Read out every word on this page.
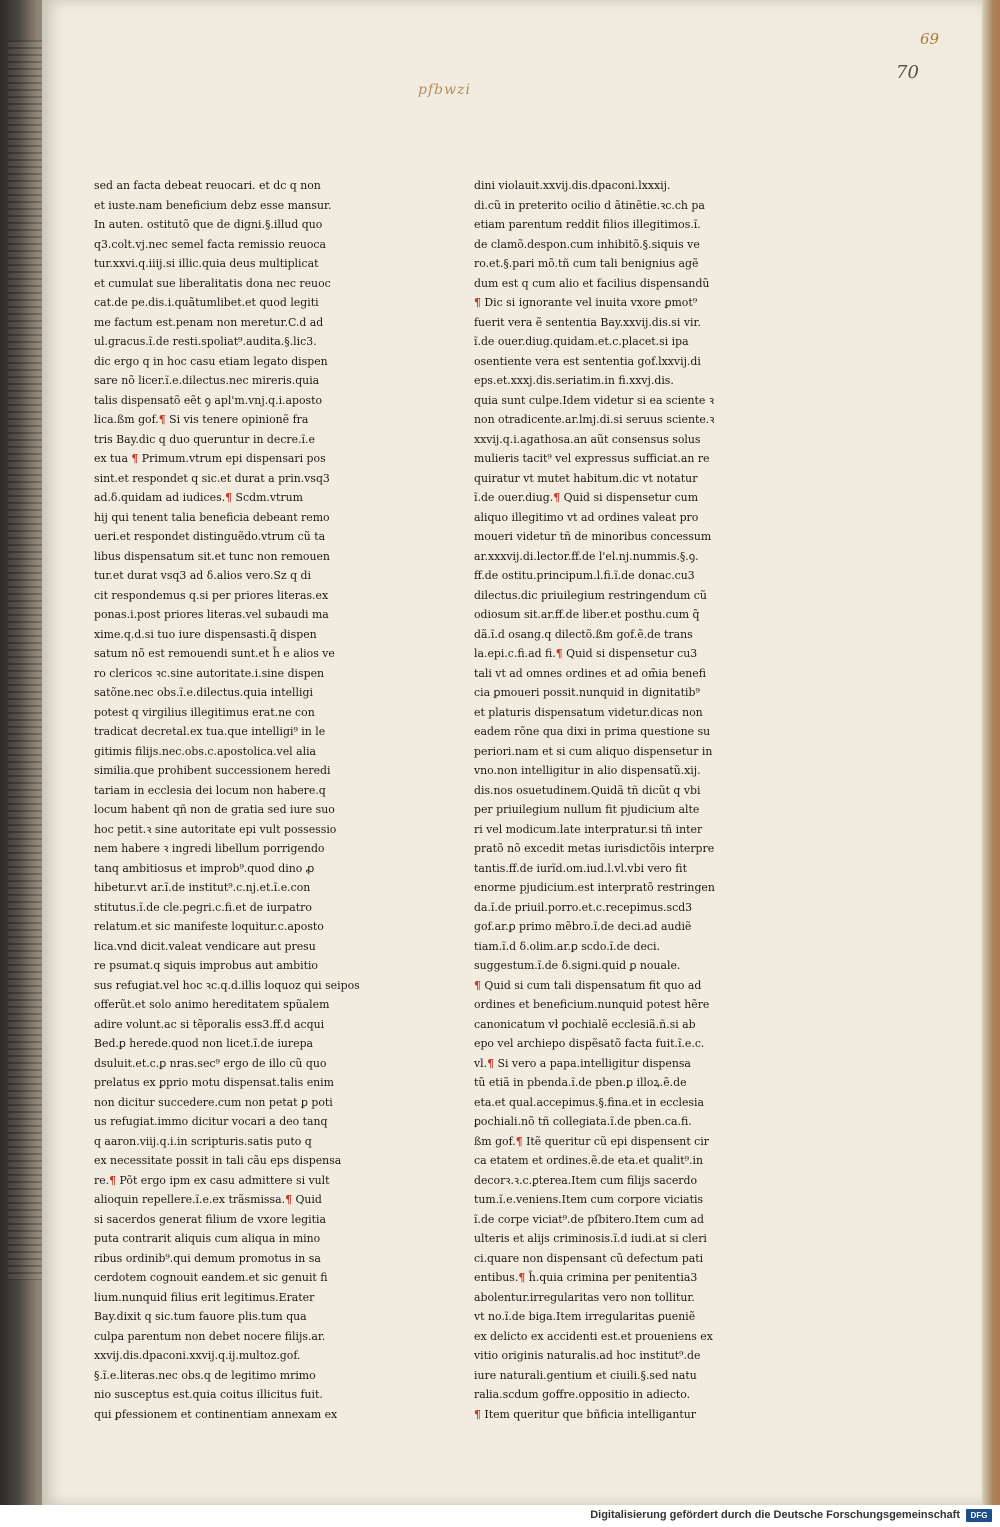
69
70
pfbwzi
sed an facta debeat reuocari. et dc q non
et iuste.nam beneficium debz esse mansur.
In auten. ostitutõ que de digni.§.illud quo
q3.colt.vj.nec semel facta remissio reuoca
tur.xxvi.q.iiij.si illic.quia deus multiplicat
et cumulat sue liberalitatis dona nec reuoc
cat.de pe.dis.i.quãtumlibet.et quod legiti
me factum est.penam non meretur.C.d ad
ul.gracus.ĩ.de resti.spoliat⁹.audita.§.lic3.
dic ergo q in hoc casu etiam legato dispen
sare nõ licer.ĩ.e.dilectus.nec mireris.quia
talis dispensatõ eẽt ꝯ apl'm.vnj.q.i.aposto
lica.ßm gof.¶ Si vis tenere opinionẽ fra
tris Bay.dic q duo queruntur in decre.ĩ.e
ex tua ¶ Primum.vtrum epi dispensari pos
sint.et respondet q sic.et durat a prin.vsq3
ad.ẟ.quidam ad iudices.¶ Scdm.vtrum
hij qui tenent talia beneficia debeant remo
ueri.et respondet distinguẽdo.vtrum cũ ta
libus dispensatum sit.et tunc non remouen
tur.et durat vsq3 ad ẟ.alios vero.Sz q di
cit respondemus q.si per priores literas.ex
ponas.i.post priores literas.vel subaudi ma
xime.q.d.si tuo iure dispensasti.q̃ dispen
satum nõ est remouendi sunt.et h̃ e alios ve
ro clericos ꝛc.sine autoritate.i.sine dispen
satõne.nec obs.ĩ.e.dilectus.quia intelligi
potest q virgilius illegitimus erat.ne con
tradicat decretal.ex tua.que intelligi⁹ in le
gitimis filijs.nec.obs.c.apostolica.vel alia
similia.que prohibent successionem heredi
tariam in ecclesia dei locum non habere.q
locum habent qñ non de gratia sed iure suo
hoc petit.ꝛ sine autoritate epi vult possessio
nem habere ꝛ ingredi libellum porrigendo
tanq ambitiosus et improb⁹.quod dino ꝓ
hibetur.vt ar.ĩ.de institut⁹.c.nj.et.ĩ.e.con
stitutus.ĩ.de cle.pegri.c.fi.et de iurpatro
relatum.et sic manifeste loquitur.c.aposto
lica.vnd dicit.valeat vendicare aut presu
re psumat.q siquis improbus aut ambitio
sus refugiat.vel hoc ꝛc.q.d.illis loquoz qui seipos
offerũt.et solo animo hereditatem spũalem
adire volunt.ac si tẽporalis ess3.ff.d acqui
Bed.ꝑ herede.quod non licet.ĩ.de iurepa
dsuluit.et.c.ꝑ nras.sec⁹ ergo de illo cũ quo
prelatus ex ꝑprio motu dispensat.talis enim
non dicitur succedere.cum non petat ꝑ poti
us refugiat.immo dicitur vocari a deo tanq
q aaron.viij.q.i.in scripturis.satis puto q
ex necessitate possit in tali cãu eps dispensa
re.¶ Põt ergo ipm ex casu admittere si vult
alioquin repellere.ĩ.e.ex trãsmissa.¶ Quid
si sacerdos generat filium de vxore legitia
puta contrarit aliquis cum aliqua in mino
ribus ordinib⁹.qui demum promotus in sa
cerdotem cognouit eandem.et sic genuit fi
lium.nunquid filius erit legitimus.Erater
Bay.dixit q sic.tum fauore plis.tum qua
culpa parentum non debet nocere filijs.ar.
xxvij.dis.dpaconi.xxvij.q.ij.multoz.gof.
§.ĩ.e.literas.nec obs.q de legitimo mrimo
nio susceptus est.quia coitus illicitus fuit.
qui ꝑfessionem et continentiam annexam ex
dini violauit.xxvij.dis.dpaconi.lxxxij.
di.cũ in preterito ocilio d ãtinẽtie.ꝛc.ch pa
etiam parentum reddit filios illegitimos.ĩ.
de clamõ.despon.cum inhibitõ.§.siquis ve
ro.et.§.pari mõ.tñ cum tali benignius agẽ
dum est q cum alio et facilius dispensandũ
¶ Dic si ignorante vel inuita vxore ꝑmot⁹
fuerit vera ẽ sententia Bay.xxvij.dis.si vir.
ĩ.de ouer.diug.quidam.et.c.placet.si ipa
osentiente vera est sententia gof.lxxvij.di
eps.et.xxxj.dis.seriatim.in fi.xxvj.dis.
quia sunt culpe.Idem videtur si ea sciente ꝛ
non otradicente.ar.lmj.di.si seruus sciente.ꝛ
xxvij.q.i.agathosa.an aũt consensus solus
mulieris tacit⁹ vel expressus sufficiat.an re
quiratur vt mutet habitum.dic vt notatur
ĩ.de ouer.diug.¶ Quid si dispensetur cum
aliquo illegitimo vt ad ordines valeat pro
moueri videtur tñ de minoribus concessum
ar.xxxvij.di.lector.ff.de l'el.nj.nummis.§.ꝯ.
ff.de ostitu.principum.l.fi.ĩ.de donac.cu3
dilectus.dic priuilegium restringendum cũ
odiosum sit.ar.ff.de liber.et posthu.cum q̃
dã.ĩ.d osang.q dilectõ.ßm gof.ẽ.de trans
la.epi.c.fi.ad fi.¶ Quid si dispensetur cu3
tali vt ad omnes ordines et ad om̃ia benefi
cia ꝑmoueri possit.nunquid in dignitatib⁹
et platuris dispensatum videtur.dicas non
eadem rõne qua dixi in prima questione su
periori.nam et si cum aliquo dispensetur in
vno.non intelligitur in alio dispensatũ.xij.
dis.nos osuetudinem.Quidã tñ dicũt q vbi
per priuilegium nullum fit pjudicium alte
ri vel modicum.late interpratur.si tñ inter
pratõ nõ excedit metas iurisdictõis interpre
tantis.ff.de iurĩd.om.iud.l.vl.vbi vero fit
enorme pjudicium.est interpratõ restringen
da.ĩ.de priuil.porro.et.c.recepimus.scd3
gof.ar.ꝑ primo mẽbro.ĩ.de deci.ad audiẽ
tiam.ĩ.d ẟ.olim.ar.ꝑ scdo.ĩ.de deci.
suggestum.ĩ.de ẟ.signi.quid ꝑ nouale.
¶ Quid si cum tali dispensatum fit quo ad
ordines et beneficium.nunquid potest hẽre
canonicatum vł ꝑochialẽ ecclesiã.ñ.si ab
epo vel archiepo dispẽsatõ facta fuit.ĩ.e.c.
vl.¶ Si vero a papa.intelligitur dispensa
tũ etiã in pbenda.ĩ.de pben.ꝑ illoꝝ.ẽ.de
eta.et qual.accepimus.§.fina.et in ecclesia
ꝑochiali.nõ tñ collegiata.ĩ.de pben.ca.fi.
ßm gof.¶ Itẽ queritur cũ epi dispensent cir
ca etatem et ordines.ẽ.de eta.et qualit⁹.in
decorꝛ.ꝛ.c.ꝑterea.Item cum filijs sacerdo
tum.ĩ.e.veniens.Item cum corpore viciatis
ĩ.de corpe viciat⁹.de pſbitero.Item cum ad
ulteris et alijs criminosis.ĩ.d iudi.at si cleri
ci.quare non dispensant cũ defectum pati
entibus.¶ h̃.quia crimina per penitentia3
abolentur.irregularitas vero non tollitur.
vt no.ĩ.de biga.Item irregularitas ꝑueniẽ
ex delicto ex accidenti est.et proueniens ex
vitio originis naturalis.ad hoc institut⁹.de
iure naturali.gentium et ciuili.§.sed natu
ralia.scdum goffre.oppositio in adiecto.
¶ Item queritur que bñficia intelligantur
Digitalisierung gefördert durch die Deutsche Forschungsgemeinschaft	DFG
